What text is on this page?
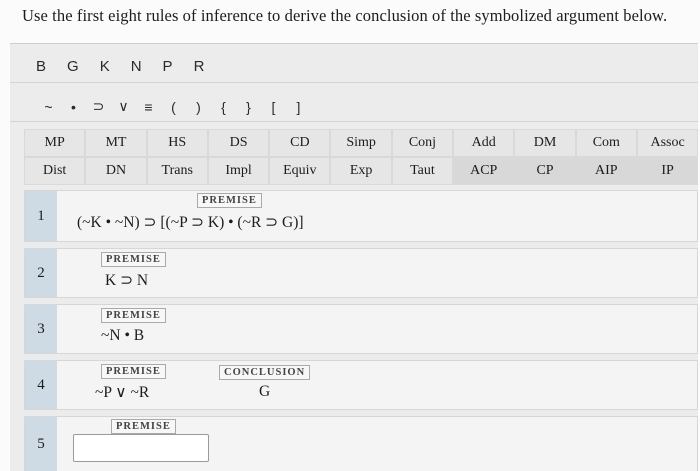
Use the first eight rules of inference to derive the conclusion of the symbolized argument below.
B G K N P R
~	•	⊃	∨	≡	(	)	{	}	[	]
MP	MT	HS	DS	CD	Simp	Conj	Add	DM	Com	Assoc
Dist	DN	Trans	Impl	Equiv	Exp	Taut	ACP	CP	AIP	IP
1
PREMISE
(~K • ~N) ⊃ [(~P ⊃ K) • (~R ⊃ G)]
2
PREMISE
K ⊃ N
3
PREMISE
~N • B
4
PREMISE
~P ∨ ~R
CONCLUSION
G
5
PREMISE
